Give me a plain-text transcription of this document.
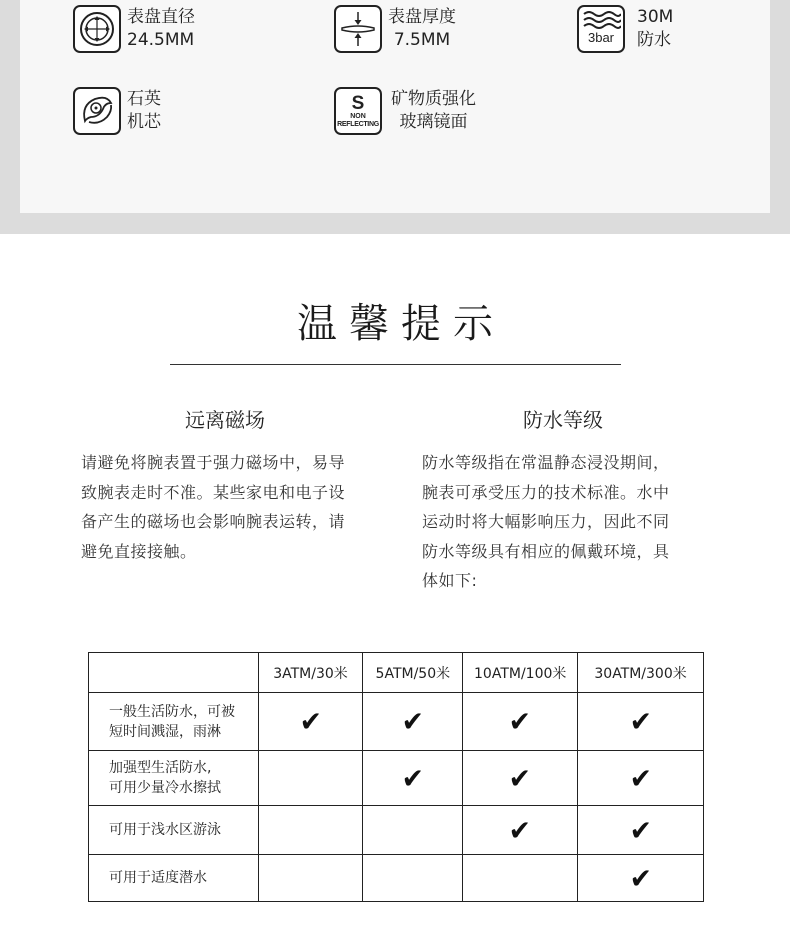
表盘直径
24.5MM
表盘厚度
7.5MM	3bar
30M
防水
石英
机芯
S
NON
REFLECTING
矿物质强化
玻璃镜面
温馨提示
远离磁场
请避免将腕表置于强力磁场中，易导
致腕表走时不准。某些家电和电子设
备产生的磁场也会影响腕表运转，请
避免直接接触。
防水等级
防水等级指在常温静态浸没期间，
腕表可承受压力的技术标准。水中
运动时将大幅影响压力，因此不同
防水等级具有相应的佩戴环境，具
体如下:
	3ATM/30米	5ATM/50米	10ATM/100米	30ATM/300米

一般生活防水，可被
短时间溅湿，雨淋	✔	✔	✔	✔

加强型生活防水,
可用少量冷水擦拭		✔	✔	✔

可用于浅水区游泳			✔	✔

可用于适度潜水				✔
